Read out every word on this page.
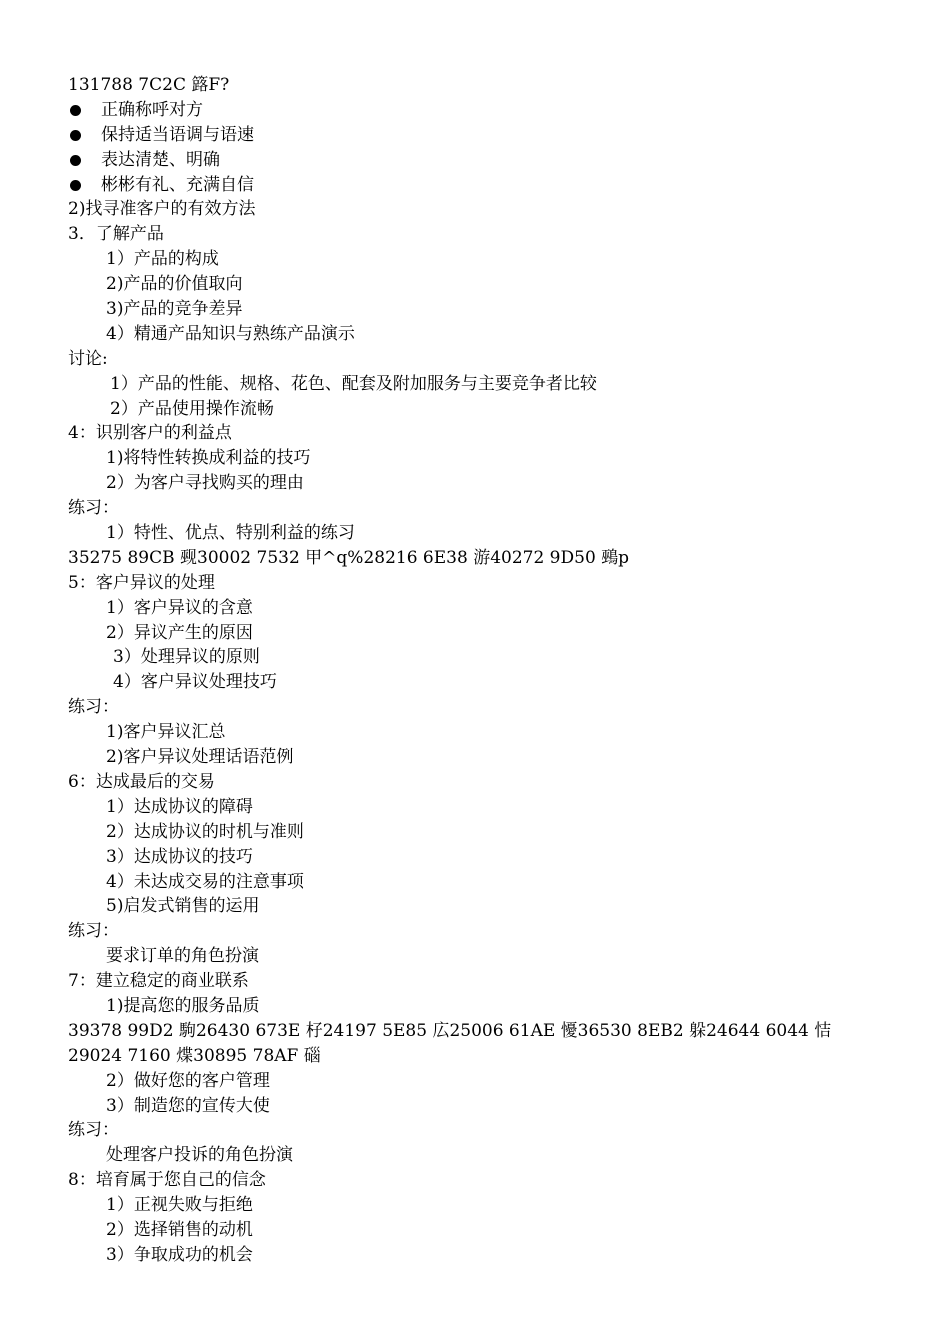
131788 7C2C 簬F?
正确称呼对方
保持适当语调与语速
表达清楚、明确
彬彬有礼、充满自信
2)找寻准客户的有效方法
3．了解产品
1）产品的构成
2)产品的价值取向
3)产品的竞争差异
4）精通产品知识与熟练产品演示
讨论:
1）产品的性能、规格、花色、配套及附加服务与主要竞争者比较
2）产品使用操作流畅
4：识别客户的利益点
1)将特性转换成利益的技巧
2）为客户寻找购买的理由
练习：
1）特性、优点、特别利益的练习
35275 89CB 觋30002 7532 甲^q%28216 6E38 游40272 9D50 鵐p
5：客户异议的处理
1）客户异议的含意
2）异议产生的原因
3）处理异议的原则
4）客户异议处理技巧
练习：
1)客户异议汇总
2)客户异议处理话语范例
6：达成最后的交易
1）达成协议的障碍
2）达成协议的时机与准则
3）达成协议的技巧
4）未达成交易的注意事项
5)启发式销售的运用
练习：
要求订单的角色扮演
7：建立稳定的商业联系
1)提高您的服务品质
39378 99D2 駒26430 673E 杍24197 5E85 広25006 61AE 懮36530 8EB2 躲24644 6044 恄
29024 7160 煠30895 78AF 碯
2）做好您的客户管理
3）制造您的宣传大使
练习：
处理客户投诉的角色扮演
8：培育属于您自己的信念
1）正视失败与拒绝
2）选择销售的动机
3）争取成功的机会
